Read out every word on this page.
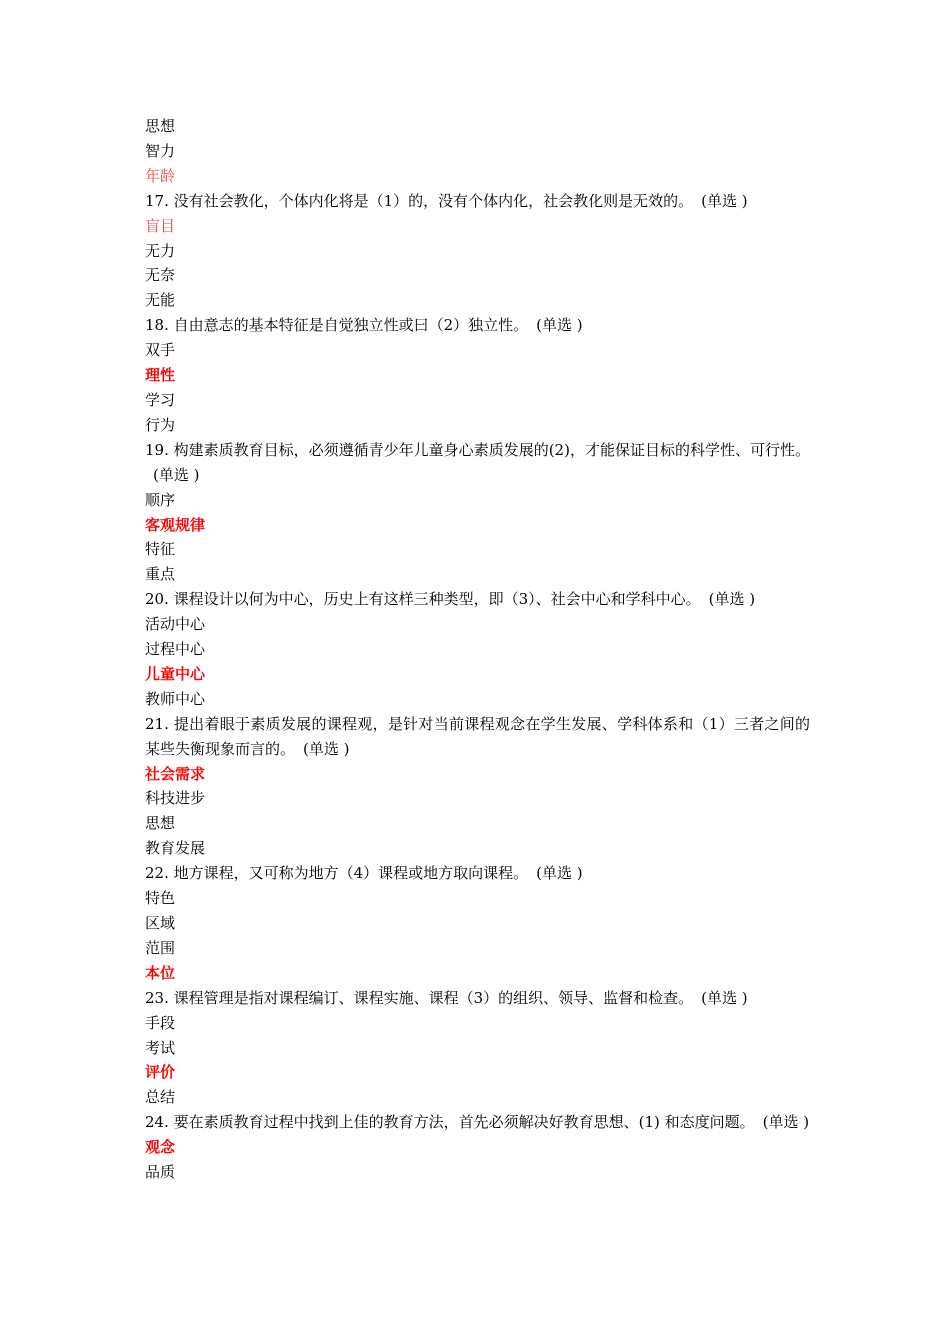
思想
智力
年龄
17. 没有社会教化，个体内化将是（1）的，没有个体内化，社会教化则是无效的。 (单选 )
盲目
无力
无奈
无能
18. 自由意志的基本特征是自觉独立性或曰（2）独立性。 (单选 )
双手
理性
学习
行为
19. 构建素质教育目标，必须遵循青少年儿童身心素质发展的(2)，才能保证目标的科学性、可行性。(单选 )
顺序
客观规律
特征
重点
20. 课程设计以何为中心，历史上有这样三种类型，即（3）、社会中心和学科中心。 (单选 )
活动中心
过程中心
儿童中心
教师中心
21. 提出着眼于素质发展的课程观，是针对当前课程观念在学生发展、学科体系和（1）三者之间的某些失衡现象而言的。 (单选 )
社会需求
科技进步
思想
教育发展
22. 地方课程，又可称为地方（4）课程或地方取向课程。 (单选 )
特色
区域
范围
本位
23. 课程管理是指对课程编订、课程实施、课程（3）的组织、领导、监督和检查。 (单选 )
手段
考试
评价
总结
24. 要在素质教育过程中找到上佳的教育方法，首先必须解决好教育思想、(1) 和态度问题。 (单选 )
观念
品质
